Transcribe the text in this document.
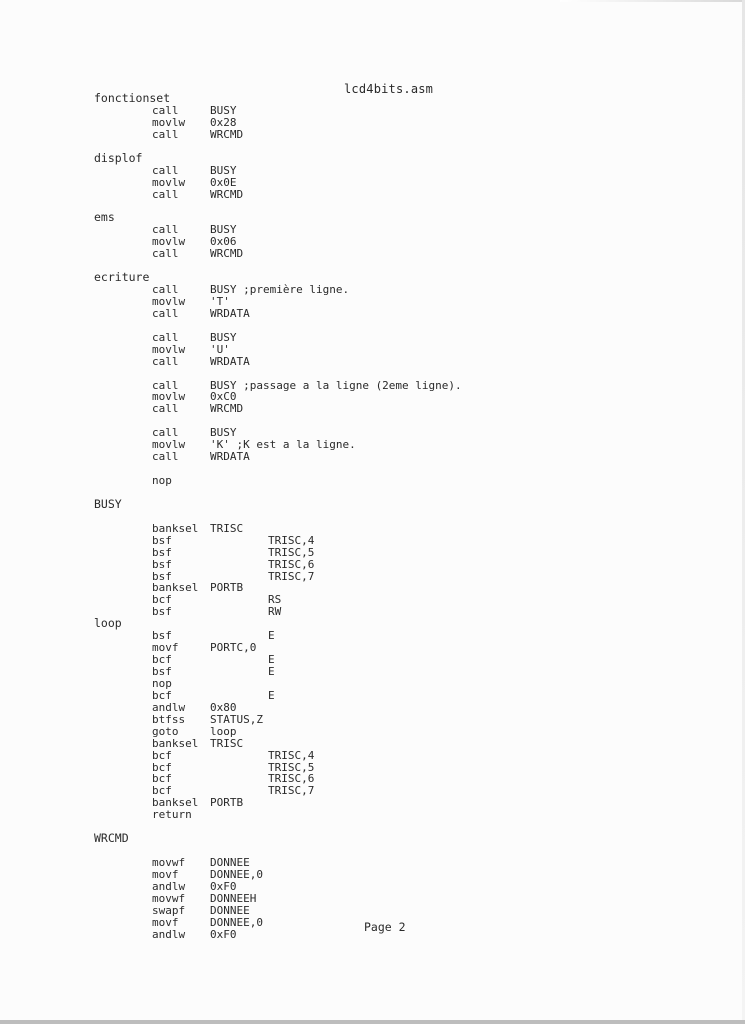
lcd4bits.asm
fonctionset
call	BUSY
movlw 0x28
call	WRCMD
displof
call	BUSY
movlw 0x0E
call	WRCMD
ems
call	BUSY
movlw 0x06
call	WRCMD
ecriture
call	BUSY ;première ligne.
movlw 'T'
call	WRDATA
call	BUSY
movlw 'U'
call	WRDATA
call	BUSY ;passage a la ligne (2eme ligne).
movlw 0xC0
call	WRCMD
call	BUSY
movlw 'K' ;K est a la ligne.
call	WRDATA
nop
BUSY
banksel TRISC
bsf	TRISC,4
bsf	TRISC,5
bsf	TRISC,6
bsf	TRISC,7
banksel PORTB
bcf	RS
bsf	RW
loop
bsf	E
movf	PORTC,0
bcf	E
bsf	E
nop
bcf	E
andlw 0x80
btfss STATUS,Z
goto	loop
banksel TRISC
bcf	TRISC,4
bcf	TRISC,5
bcf	TRISC,6
bcf	TRISC,7
banksel PORTB
return
WRCMD
movwf DONNEE
movf	DONNEE,0
andlw 0xF0
movwf DONNEEH
swapf DONNEE
movf	DONNEE,0
andlw 0xF0
Page 2
